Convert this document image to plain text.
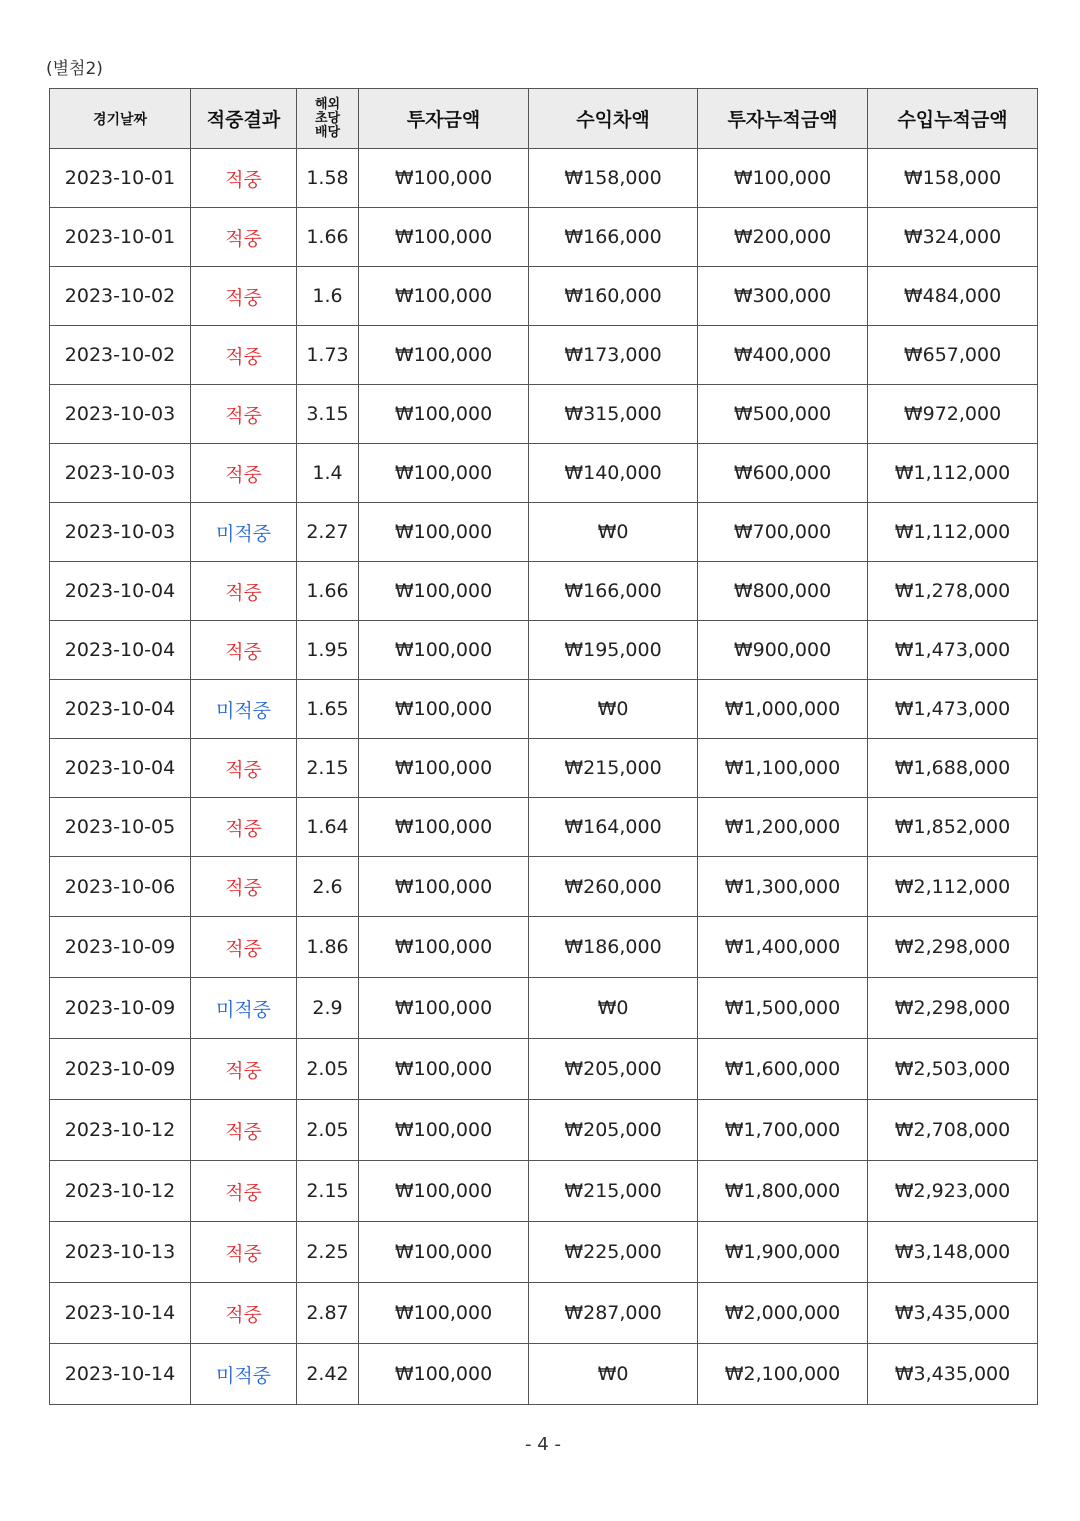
(별첨2)
경기날짜	적중결과	해외
초당
배당	투자금액	수익차액	투자누적금액	수입누적금액
2023-10-01	적중	1.58	₩100,000	₩158,000	₩100,000	₩158,000
2023-10-01	적중	1.66	₩100,000	₩166,000	₩200,000	₩324,000
2023-10-02	적중	1.6	₩100,000	₩160,000	₩300,000	₩484,000
2023-10-02	적중	1.73	₩100,000	₩173,000	₩400,000	₩657,000
2023-10-03	적중	3.15	₩100,000	₩315,000	₩500,000	₩972,000
2023-10-03	적중	1.4	₩100,000	₩140,000	₩600,000	₩1,112,000
2023-10-03	미적중	2.27	₩100,000	₩0	₩700,000	₩1,112,000
2023-10-04	적중	1.66	₩100,000	₩166,000	₩800,000	₩1,278,000
2023-10-04	적중	1.95	₩100,000	₩195,000	₩900,000	₩1,473,000
2023-10-04	미적중	1.65	₩100,000	₩0	₩1,000,000	₩1,473,000
2023-10-04	적중	2.15	₩100,000	₩215,000	₩1,100,000	₩1,688,000
2023-10-05	적중	1.64	₩100,000	₩164,000	₩1,200,000	₩1,852,000
2023-10-06	적중	2.6	₩100,000	₩260,000	₩1,300,000	₩2,112,000
2023-10-09	적중	1.86	₩100,000	₩186,000	₩1,400,000	₩2,298,000
2023-10-09	미적중	2.9	₩100,000	₩0	₩1,500,000	₩2,298,000
2023-10-09	적중	2.05	₩100,000	₩205,000	₩1,600,000	₩2,503,000
2023-10-12	적중	2.05	₩100,000	₩205,000	₩1,700,000	₩2,708,000
2023-10-12	적중	2.15	₩100,000	₩215,000	₩1,800,000	₩2,923,000
2023-10-13	적중	2.25	₩100,000	₩225,000	₩1,900,000	₩3,148,000
2023-10-14	적중	2.87	₩100,000	₩287,000	₩2,000,000	₩3,435,000
2023-10-14	미적중	2.42	₩100,000	₩0	₩2,100,000	₩3,435,000
- 4 -
